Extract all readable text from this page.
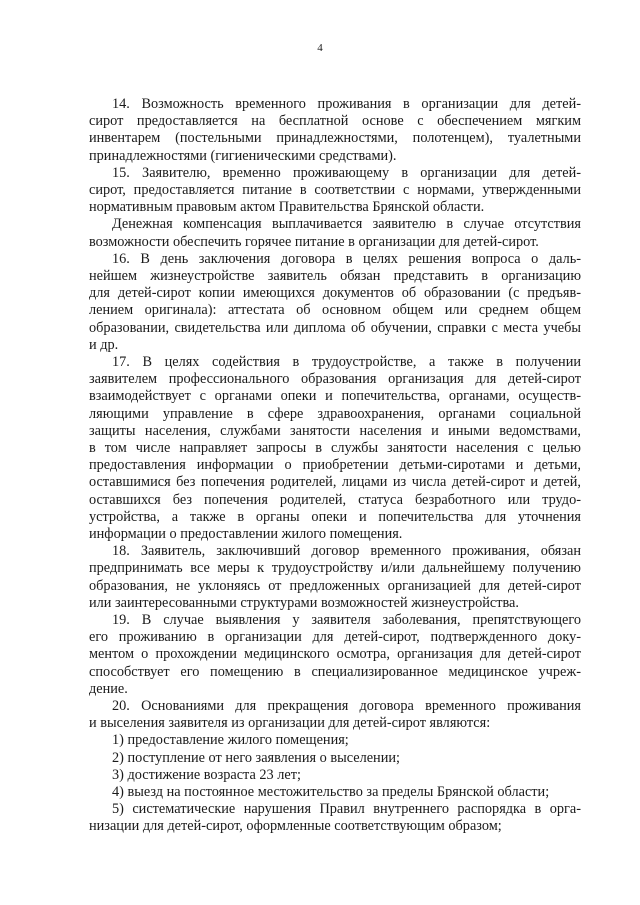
4

14. Возможность временного проживания в организации для детей-

сирот предоставляется на бесплатной основе с обеспечением мягким

инвентарем (постельными принадлежностями, полотенцем), туалетными

принадлежностями (гигиеническими средствами).

15. Заявителю, временно проживающему в организации для детей-

сирот, предоставляется питание в соответствии с нормами, утвержденными

нормативным правовым актом Правительства Брянской области.

Денежная компенсация выплачивается заявителю в случае отсутствия

возможности обеспечить горячее питание в организации для детей-сирот.

16. В день заключения договора в целях решения вопроса о даль-

нейшем жизнеустройстве заявитель обязан представить в организацию

для детей-сирот копии имеющихся документов об образовании (с предъяв-

лением оригинала): аттестата об основном общем или среднем общем

образовании, свидетельства или диплома об обучении, справки с места учебы

и др.

17. В целях содействия в трудоустройстве, а также в получении

заявителем профессионального образования организация для детей-сирот

взаимодействует с органами опеки и попечительства, органами, осуществ-

ляющими управление в сфере здравоохранения, органами социальной

защиты населения, службами занятости населения и иными ведомствами,

в том числе направляет запросы в службы занятости населения с целью

предоставления информации о приобретении детьми-сиротами и детьми,

оставшимися без попечения родителей, лицами из числа детей-сирот и детей,

оставшихся без попечения родителей, статуса безработного или трудо-

устройства, а также в органы опеки и попечительства для уточнения

информации о предоставлении жилого помещения.

18. Заявитель, заключивший договор временного проживания, обязан

предпринимать все меры к трудоустройству и/или дальнейшему получению

образования, не уклоняясь от предложенных организацией для детей-сирот

или заинтересованными структурами возможностей жизнеустройства.

19. В случае выявления у заявителя заболевания, препятствующего

его проживанию в организации для детей-сирот, подтвержденного доку-

ментом о прохождении медицинского осмотра, организация для детей-сирот

способствует его помещению в специализированное медицинское учреж-

дение.

20. Основаниями для прекращения договора временного проживания

и выселения заявителя из организации для детей-сирот являются:

1) предоставление жилого помещения;

2) поступление от него заявления о выселении;

3) достижение возраста 23 лет;

4) выезд на постоянное местожительство за пределы Брянской области;

5) систематические нарушения Правил внутреннего распорядка в орга-

низации для детей-сирот, оформленные соответствующим образом;
